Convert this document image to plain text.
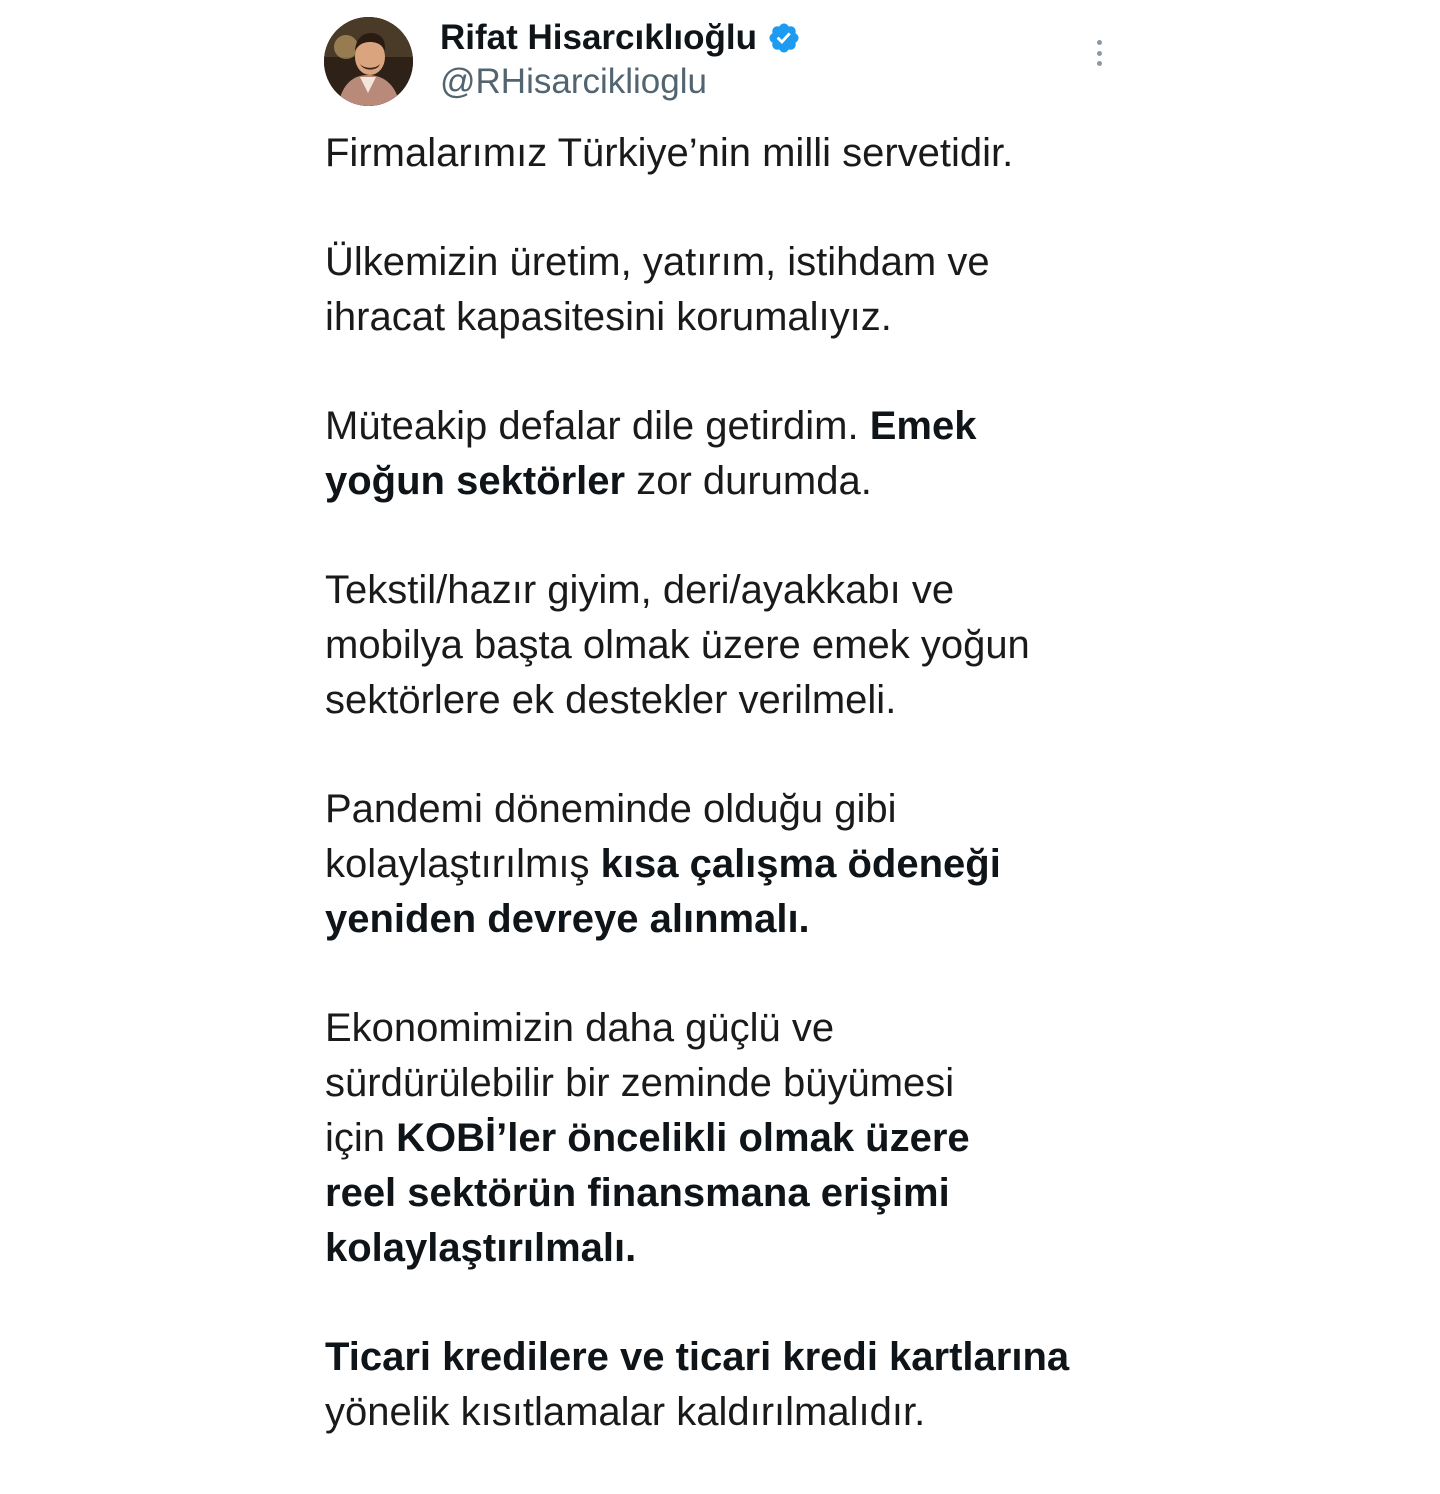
Rifat Hisarcıklıoğlu
@RHisarciklioglu

Firmalarımız Türkiye’nin milli servetidir.

Ülkemizin üretim, yatırım, istihdam ve
ihracat kapasitesini korumalıyız.

Müteakip defalar dile getirdim. Emek
yoğun sektörler zor durumda.

Tekstil/hazır giyim, deri/ayakkabı ve
mobilya başta olmak üzere emek yoğun
sektörlere ek destekler verilmeli.

Pandemi döneminde olduğu gibi
kolaylaştırılmış kısa çalışma ödeneği
yeniden devreye alınmalı.

Ekonomimizin daha güçlü ve
sürdürülebilir bir zeminde büyümesi
için KOBİ’ler öncelikli olmak üzere
reel sektörün finansmana erişimi
kolaylaştırılmalı.

Ticari kredilere ve ticari kredi kartlarına
yönelik kısıtlamalar kaldırılmalıdır.
